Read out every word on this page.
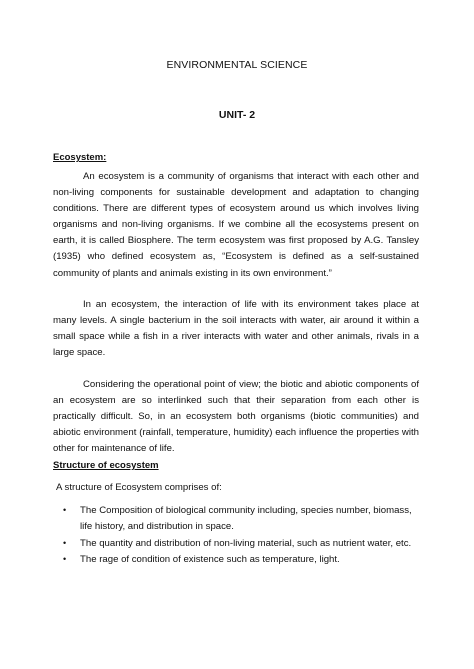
ENVIRONMENTAL SCIENCE
UNIT- 2
Ecosystem:

An ecosystem is a community of organisms that interact with each other and non-living components for sustainable development and adaptation to changing conditions. There are different types of ecosystem around us which involves living organisms and non-living organisms. If we combine all the ecosystems present on earth, it is called Biosphere. The term ecosystem was first proposed by A.G. Tansley (1935) who defined ecosystem as, “Ecosystem is defined as a self-sustained community of plants and animals existing in its own environment.”

In an ecosystem, the interaction of life with its environment takes place at many levels. A single bacterium in the soil interacts with water, air around it within a small space while a fish in a river interacts with water and other animals, rivals in a large space.

Considering the operational point of view; the biotic and abiotic components of an ecosystem are so interlinked such that their separation from each other is practically difficult. So, in an ecosystem both organisms (biotic communities) and abiotic environment (rainfall, temperature, humidity) each influence the properties with other for maintenance of life.

Structure of ecosystem

A structure of Ecosystem comprises of:

• The Composition of biological community including, species number, biomass, life history, and distribution in space.
• The quantity and distribution of non-living material, such as nutrient water, etc.
• The rage of condition of existence such as temperature, light.
